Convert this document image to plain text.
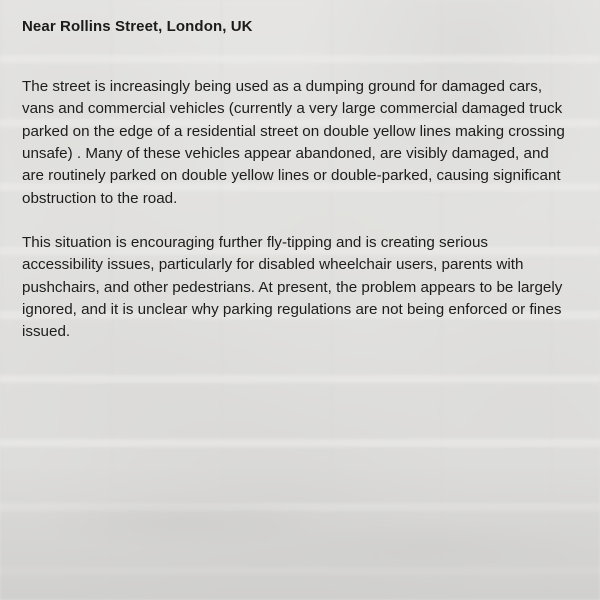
Near Rollins Street, London, UK

The street is increasingly being used as a dumping ground for damaged cars, vans and commercial vehicles (currently a very large commercial damaged truck parked on the edge of a residential street on double yellow lines making crossing unsafe) . Many of these vehicles appear abandoned, are visibly damaged, and are routinely parked on double yellow lines or double-parked, causing significant obstruction to the road.

This situation is encouraging further fly-tipping and is creating serious accessibility issues, particularly for disabled wheelchair users, parents with pushchairs, and other pedestrians. At present, the problem appears to be largely ignored, and it is unclear why parking regulations are not being enforced or fines issued.
